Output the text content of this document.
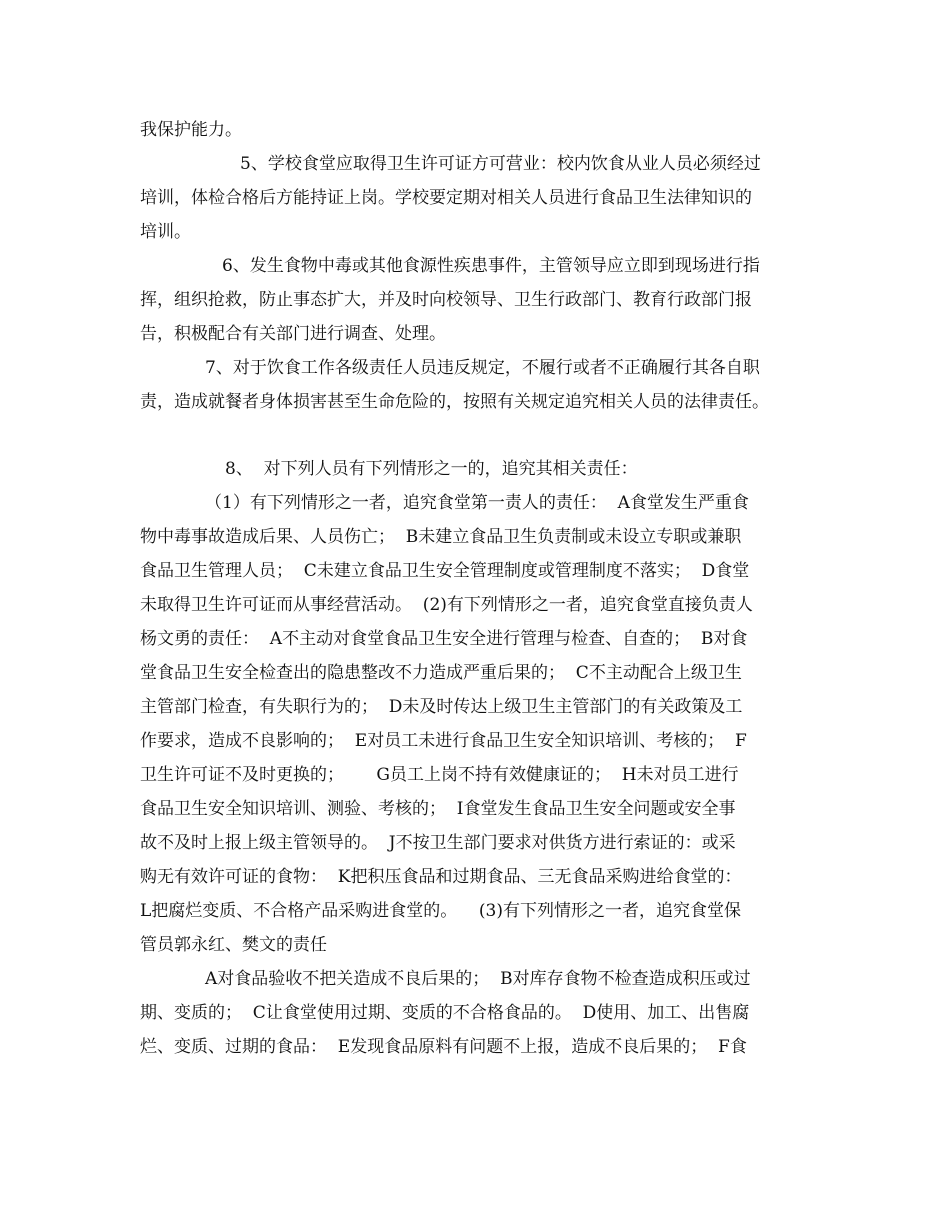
我保护能力。
5、学校食堂应取得卫生许可证方可营业：校内饮食从业人员必须经过
培训，体检合格后方能持证上岗。学校要定期对相关人员进行食品卫生法律知识的
培训。
6、发生食物中毒或其他食源性疾患事件，主管领导应立即到现场进行指
挥，组织抢救，防止事态扩大，并及时向校领导、卫生行政部门、教育行政部门报
告，积极配合有关部门进行调查、处理。
7、对于饮食工作各级责任人员违反规定，不履行或者不正确履行其各自职
责，造成就餐者身体损害甚至生命危险的，按照有关规定追究相关人员的法律责任。
8、  对下列人员有下列情形之一的，追究其相关责任：
（1）有下列情形之一者，追究食堂第一责人的责任：  A食堂发生严重食
物中毒事故造成后果、人员伤亡；  B未建立食品卫生负责制或未设立专职或兼职
食品卫生管理人员；  C未建立食品卫生安全管理制度或管理制度不落实；  D食堂
未取得卫生许可证而从事经营活动。  (2)有下列情形之一者，追究食堂直接负责人
杨文勇的责任：  A不主动对食堂食品卫生安全进行管理与检查、自查的；  B对食
堂食品卫生安全检查出的隐患整改不力造成严重后果的；  C不主动配合上级卫生
主管部门检查，有失职行为的；  D未及时传达上级卫生主管部门的有关政策及工
作要求，造成不良影响的；  E对员工未进行食品卫生安全知识培训、考核的；  F
卫生许可证不及时更换的；      G员工上岗不持有效健康证的；  H未对员工进行
食品卫生安全知识培训、测验、考核的；  I食堂发生食品卫生安全问题或安全事
故不及时上报上级主管领导的。  J不按卫生部门要求对供货方进行索证的：或采
购无有效许可证的食物：  K把积压食品和过期食品、三无食品采购进给食堂的：
L把腐烂变质、不合格产品采购进食堂的。    (3)有下列情形之一者，追究食堂保
管员郭永红、樊文的责任
A对食品验收不把关造成不良后果的；  B对库存食物不检查造成积压或过
期、变质的；  C让食堂使用过期、变质的不合格食品的。  D使用、加工、出售腐
烂、变质、过期的食品：  E发现食品原料有问题不上报，造成不良后果的；  F食
